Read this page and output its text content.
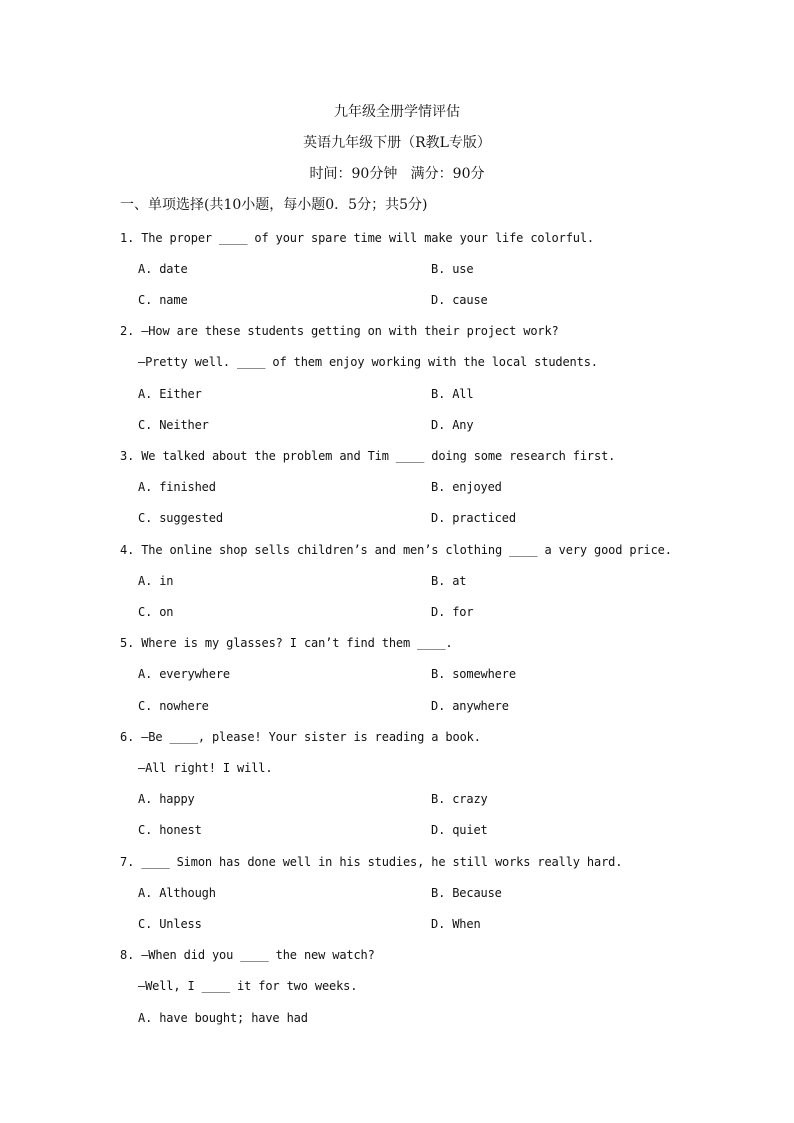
九年级全册学情评估
英语九年级下册（R教L专版）
时间：90分钟   满分：90分
一、单项选择(共10小题，每小题0．5分；共5分)
1. The proper ____ of your spare time will make your life colorful.
A. date	B. use
C. name	D. cause
2. —How are these students getting on with their project work?
—Pretty well. ____ of them enjoy working with the local students.
A. Either	B. All
C. Neither	D. Any
3. We talked about the problem and Tim ____ doing some research first.
A. finished	B. enjoyed
C. suggested	D. practiced
4. The online shop sells children’s and men’s clothing ____ a very good price.
A. in	B. at
C. on	D. for
5. Where is my glasses? I can’t find them ____.
A. everywhere	B. somewhere
C. nowhere	D. anywhere
6. —Be ____, please! Your sister is reading a book.
—All right! I will.
A. happy	B. crazy
C. honest	D. quiet
7. ____ Simon has done well in his studies, he still works really hard.
A. Although	B. Because
C. Unless	D. When
8. —When did you ____ the new watch?
—Well, I ____ it for two weeks.
A. have bought; have had
